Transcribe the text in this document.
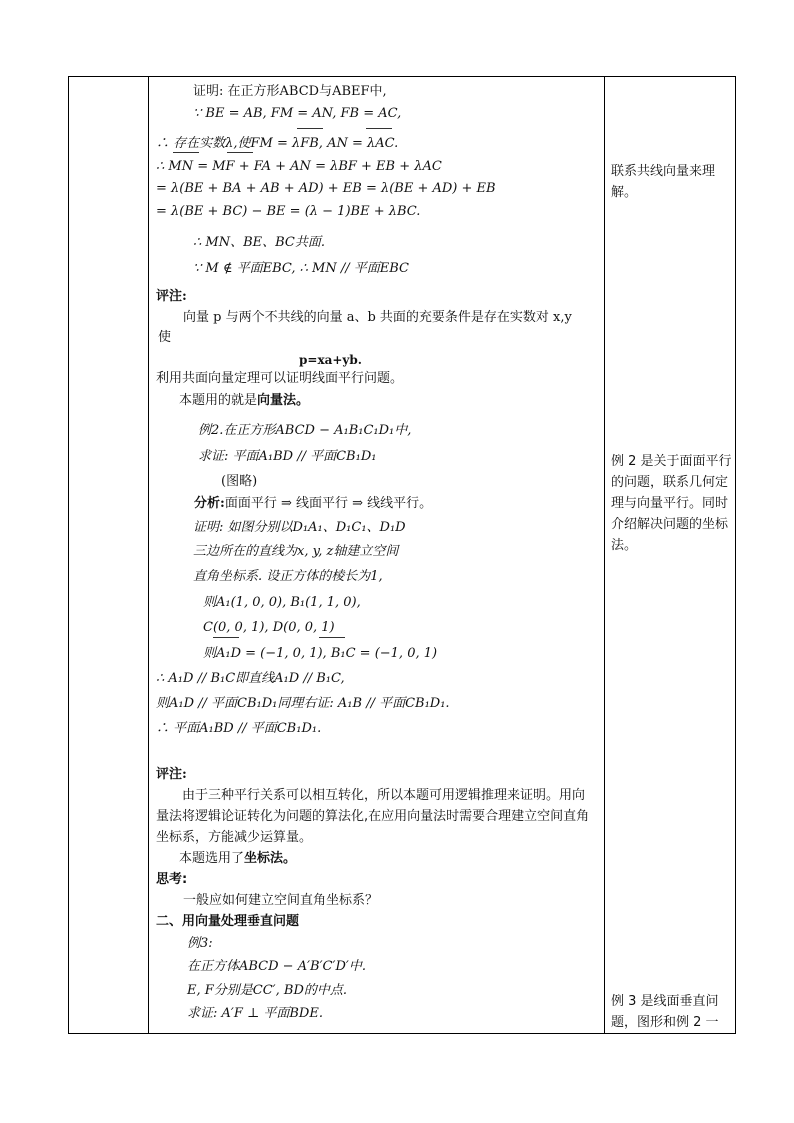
证明: 在正方形ABCD与ABEF中,
∵ BE = AB, FM = AN, FB = AC,
∴ 存在实数λ,使FM = λFB, AN = λAC.
∴ MN = MF + FA + AN = λBF + EB + λAC
= λ(BE + BA + AB + AD) + EB = λ(BE + AD) + EB
= λ(BE + BC) − BE = (λ − 1)BE + λBC.
∴ MN、BE、BC共面.
∵ M ∉ 平面EBC, ∴ MN // 平面EBC
评注:
向量 p 与两个不共线的向量 a、b 共面的充要条件是存在实数对 x,y
使
p=xa+yb.
利用共面向量定理可以证明线面平行问题。
本题用的就是向量法。
例2.在正方形ABCD − A₁B₁C₁D₁中,
求证: 平面A₁BD // 平面CB₁D₁
(图略)
分析:面面平行 ⇒ 线面平行 ⇒ 线线平行。
证明: 如图分别以D₁A₁、D₁C₁、D₁D
三边所在的直线为x, y, z轴建立空间
直角坐标系. 设正方体的棱长为1,
则A₁(1, 0, 0), B₁(1, 1, 0),
C(0, 0, 1), D(0, 0, 1)
则A₁D = (−1, 0, 1), B₁C = (−1, 0, 1)
∴ A₁D // B₁C即直线A₁D // B₁C,
则A₁D // 平面CB₁D₁同理右证: A₁B // 平面CB₁D₁.
∴ 平面A₁BD // 平面CB₁D₁.
评注:
由于三种平行关系可以相互转化，所以本题可用逻辑推理来证明。用向量法将逻辑论证转化为问题的算法化,在应用向量法时需要合理建立空间直角坐标系，方能减少运算量。
本题选用了坐标法。
思考:
一般应如何建立空间直角坐标系？
二、用向量处理垂直问题
例3:
在正方体ABCD − A′B′C′D′中.
E, F分别是CC′, BD的中点.
求证: A′F ⊥ 平面BDE.
联系共线向量来理解。
例 2 是关于面面平行的问题，联系几何定理与向量平行。同时介绍解决问题的坐标法。
例 3 是线面垂直问题，图形和例 2 一
